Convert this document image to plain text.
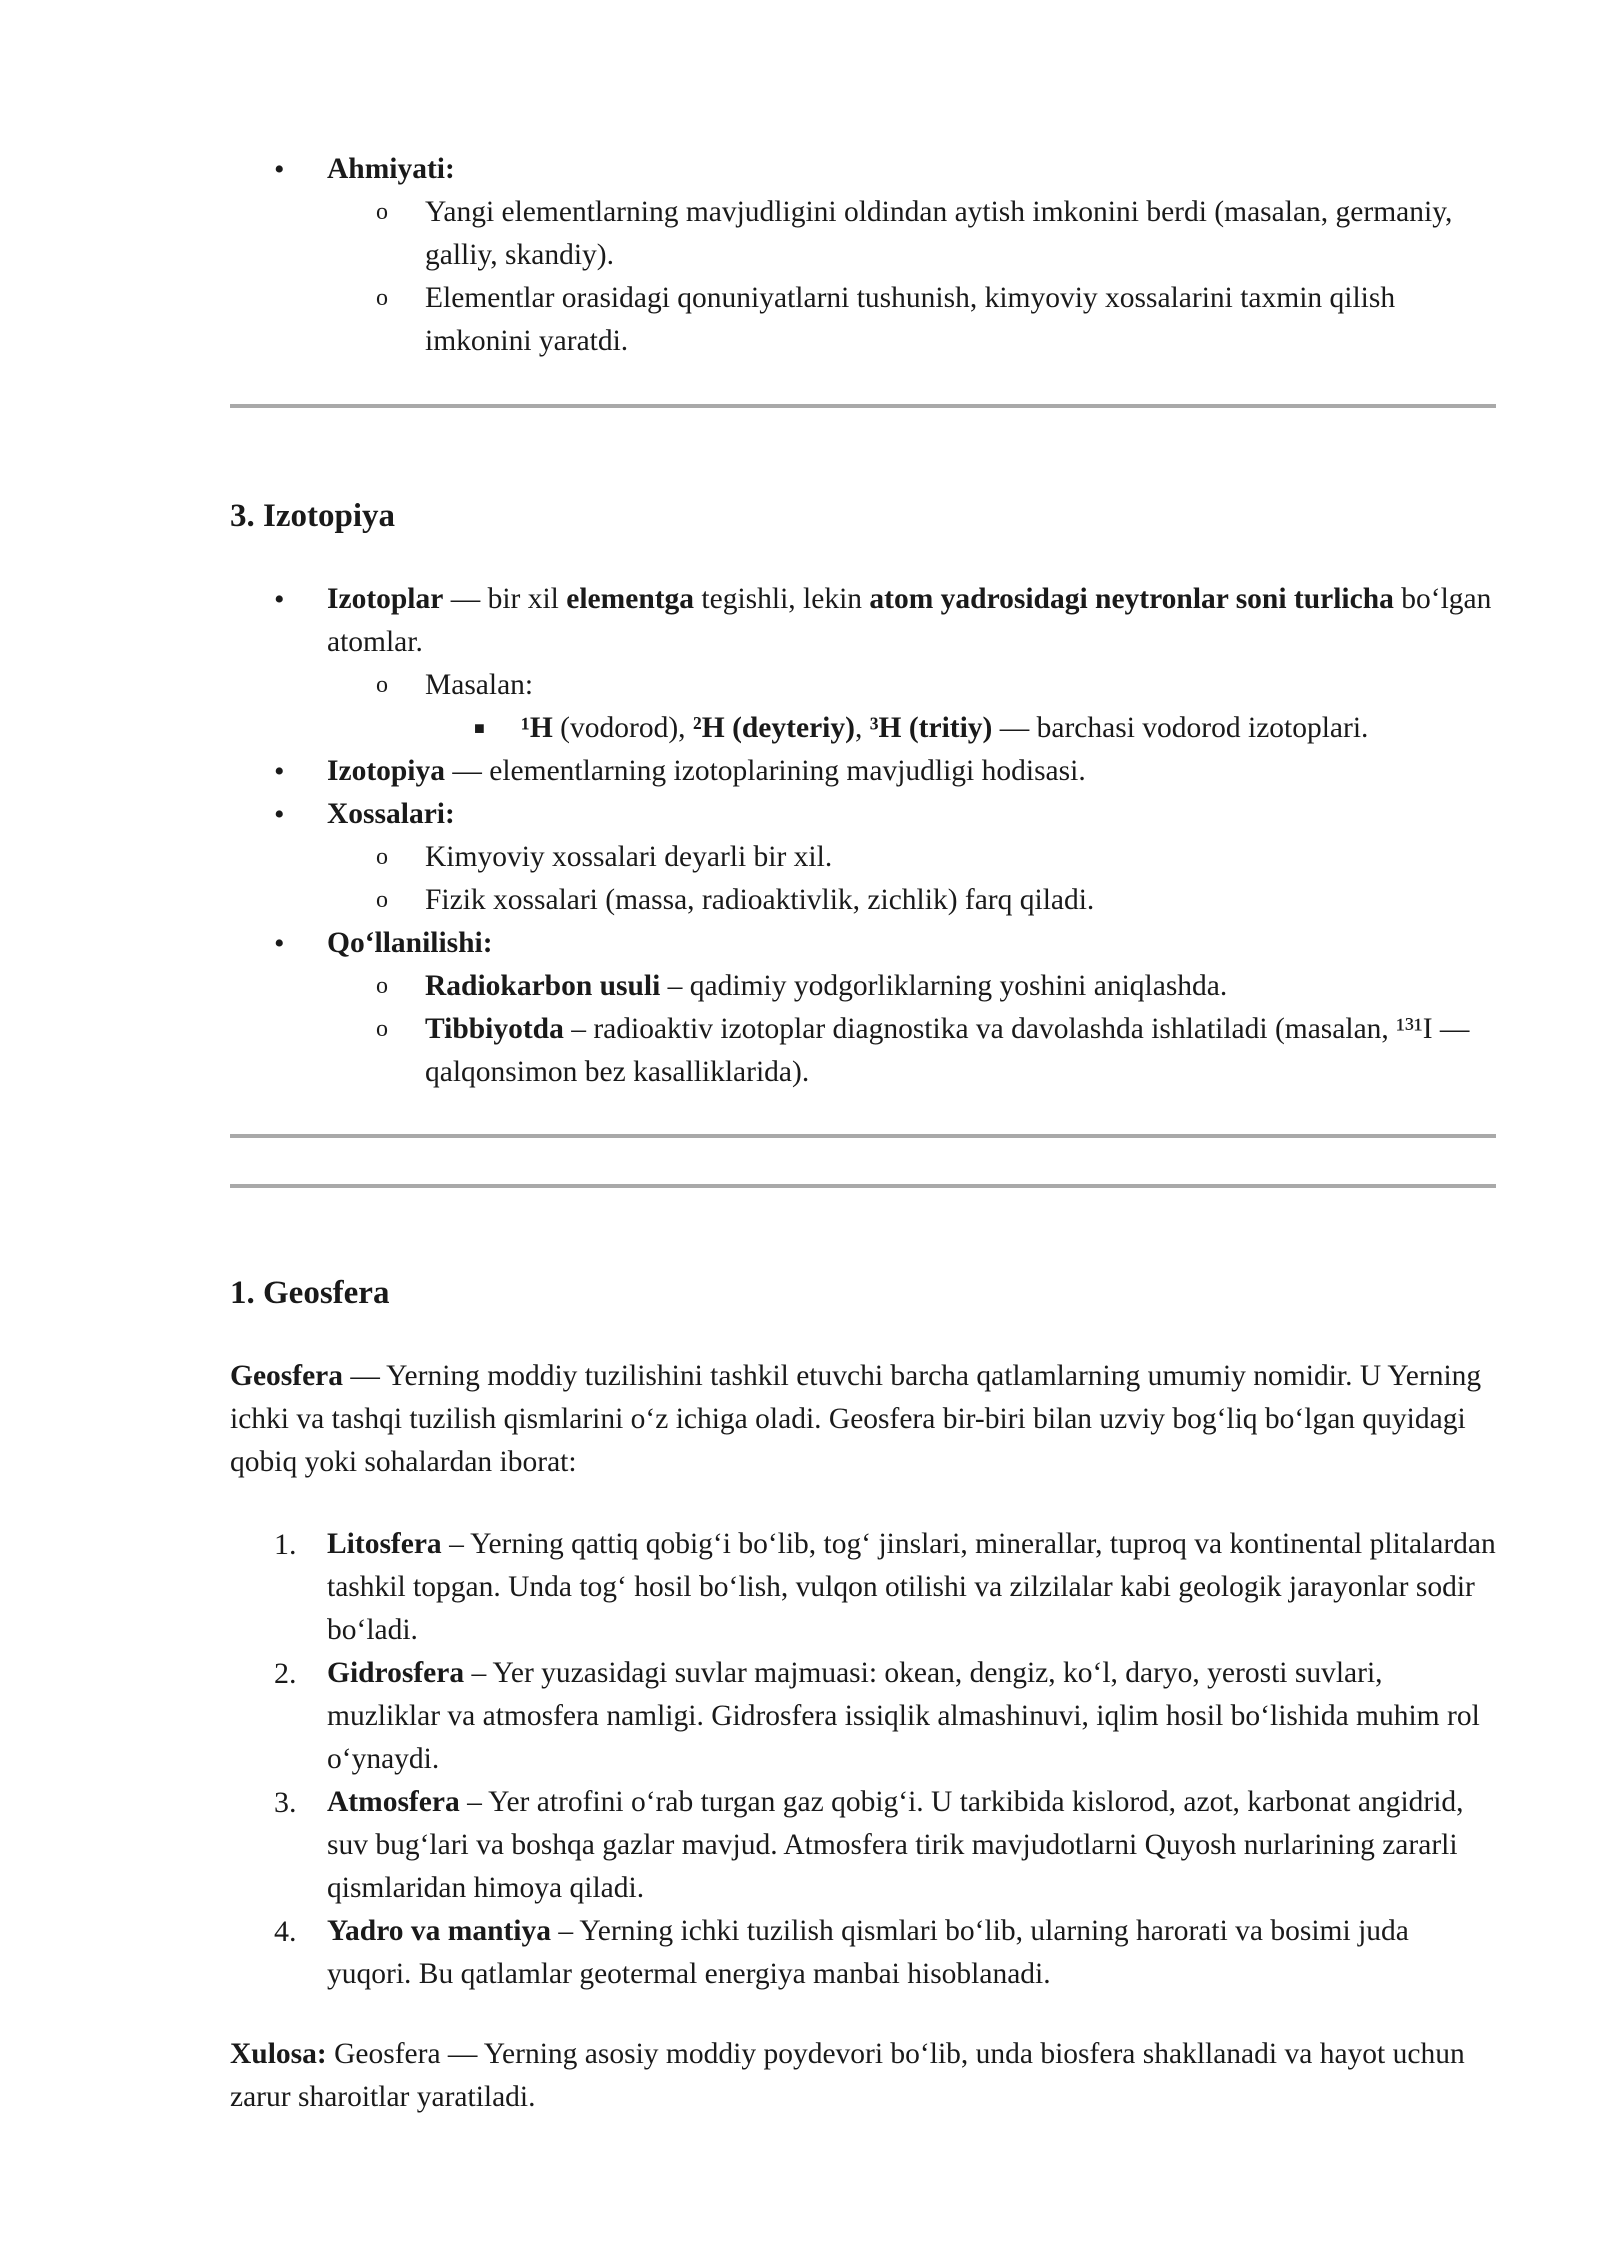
•	Ahmiyati:
o Yangi elementlarning mavjudligini oldindan aytish imkonini berdi (masalan, germaniy, galliy, skandiy).
o Elementlar orasidagi qonuniyatlarni tushunish, kimyoviy xossalarini taxmin qilish imkonini yaratdi.
3. Izotopiya
•	Izotoplar — bir xil elementga tegishli, lekin atom yadrosidagi neytronlar soni turlicha bo‘lgan atomlar.
o Masalan:
■	¹H (vodorod), ²H (deyteriy), ³H (tritiy) — barchasi vodorod izotoplari.
•	Izotopiya — elementlarning izotoplarining mavjudligi hodisasi.
•	Xossalari:
o Kimyoviy xossalari deyarli bir xil.
o Fizik xossalari (massa, radioaktivlik, zichlik) farq qiladi.
•	Qo‘llanilishi:
o Radiokarbon usuli – qadimiy yodgorliklarning yoshini aniqlashda.
o Tibbiyotda – radioaktiv izotoplar diagnostika va davolashda ishlatiladi (masalan, ¹³¹I — qalqonsimon bez kasalliklarida).
1. Geosfera
Geosfera — Yerning moddiy tuzilishini tashkil etuvchi barcha qatlamlarning umumiy nomidir. U Yerning ichki va tashqi tuzilish qismlarini o‘z ichiga oladi. Geosfera bir-biri bilan uzviy bog‘liq bo‘lgan quyidagi qobiq yoki sohalardan iborat:
1. Litosfera – Yerning qattiq qobig‘i bo‘lib, tog‘ jinslari, minerallar, tuproq va kontinental plitalardan tashkil topgan. Unda tog‘ hosil bo‘lish, vulqon otilishi va zilzilalar kabi geologik jarayonlar sodir bo‘ladi.
2. Gidrosfera – Yer yuzasidagi suvlar majmuasi: okean, dengiz, ko‘l, daryo, yerosti suvlari, muzliklar va atmosfera namligi. Gidrosfera issiqlik almashinuvi, iqlim hosil bo‘lishida muhim rol o‘ynaydi.
3. Atmosfera – Yer atrofini o‘rab turgan gaz qobig‘i. U tarkibida kislorod, azot, karbonat angidrid, suv bug‘lari va boshqa gazlar mavjud. Atmosfera tirik mavjudotlarni Quyosh nurlarining zararli qismlaridan himoya qiladi.
4. Yadro va mantiya – Yerning ichki tuzilish qismlari bo‘lib, ularning harorati va bosimi juda yuqori. Bu qatlamlar geotermal energiya manbai hisoblanadi.
Xulosa: Geosfera — Yerning asosiy moddiy poydevori bo‘lib, unda biosfera shakllanadi va hayot uchun zarur sharoitlar yaratiladi.
